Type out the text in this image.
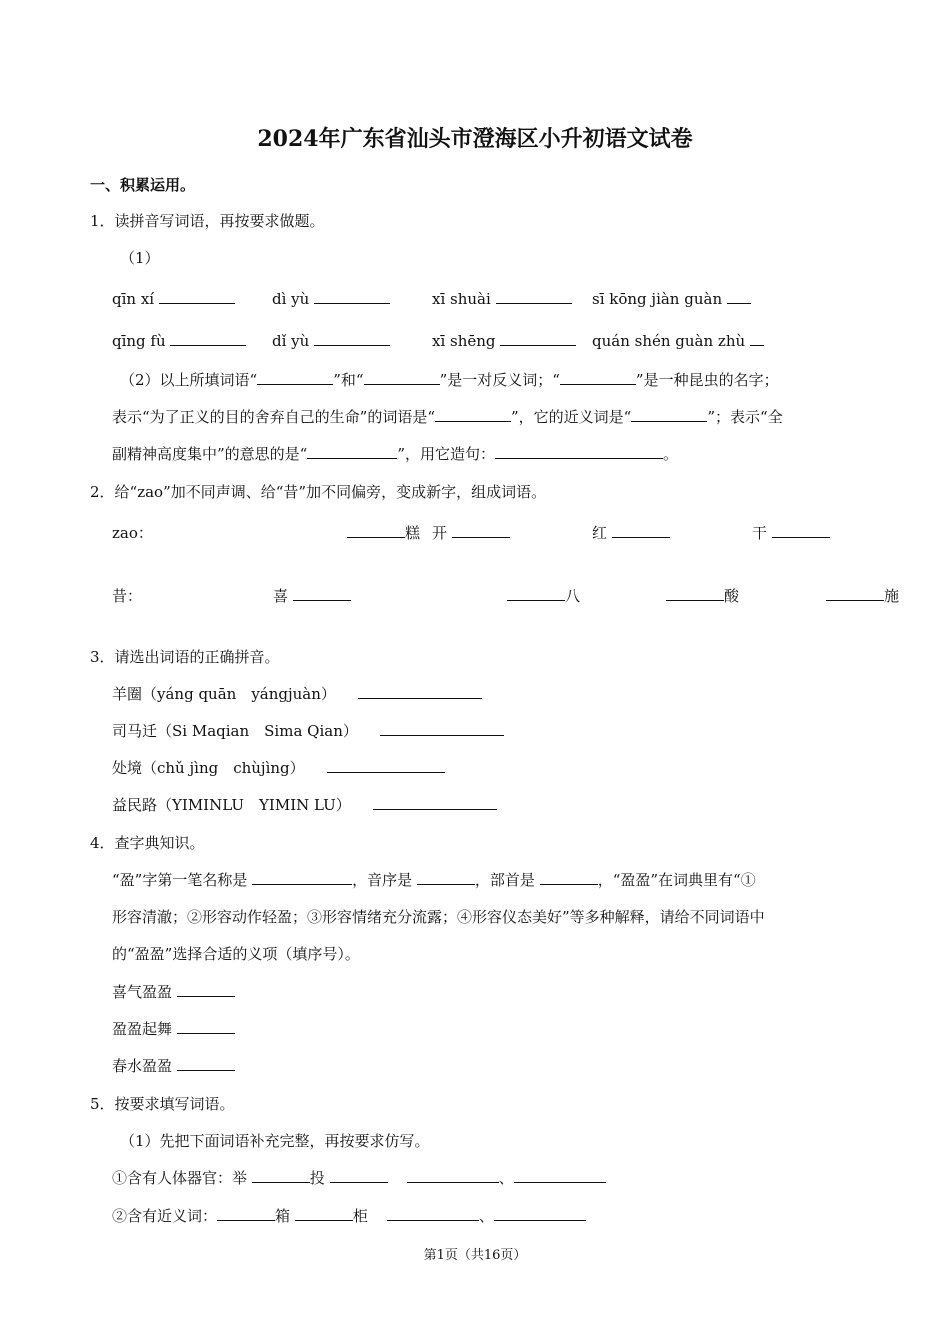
2024年广东省汕头市澄海区小升初语文试卷
一、积累运用。
1．读拼音写词语，再按要求做题。
（1）
qīn xí	dì yù	xī shuài	sī kōng jiàn guàn
qīng fù	dǐ yù	xī shēng	quán shén guàn zhù
（2）以上所填词语“	”和“	”是一对反义词；“	”是一种昆虫的名字；
表示“为了正义的目的舍弃自己的生命”的词语是“	”，它的近义词是“	”；表示“全
副精神高度集中”的意思的是“	”，用它造句：	。
2．给“zao”加不同声调、给“昔”加不同偏旁，变成新字，组成词语。
zao：	糕 开	红	干
昔：	喜	八	酸	施
3．请选出词语的正确拼音。
羊圈（yáng quān　yángjuàn）
司马迁（Si Maqian　Sima Qian）
处境（chǔ jìng　chùjìng）
益民路（YIMINLU　YIMIN LU）
4．查字典知识。
“盈”字第一笔名称是	，音序是	，部首是	，“盈盈”在词典里有“①
形容清澈；②形容动作轻盈；③形容情绪充分流露；④形容仪态美好”等多种解释，请给不同词语中
的“盈盈”选择合适的义项（填序号）。
喜气盈盈
盈盈起舞
春水盈盈
5．按要求填写词语。
（1）先把下面词语补充完整，再按要求仿写。
①含有人体器官：举	投	、
②含有近义词：	箱	柜	、
第1页（共16页）
